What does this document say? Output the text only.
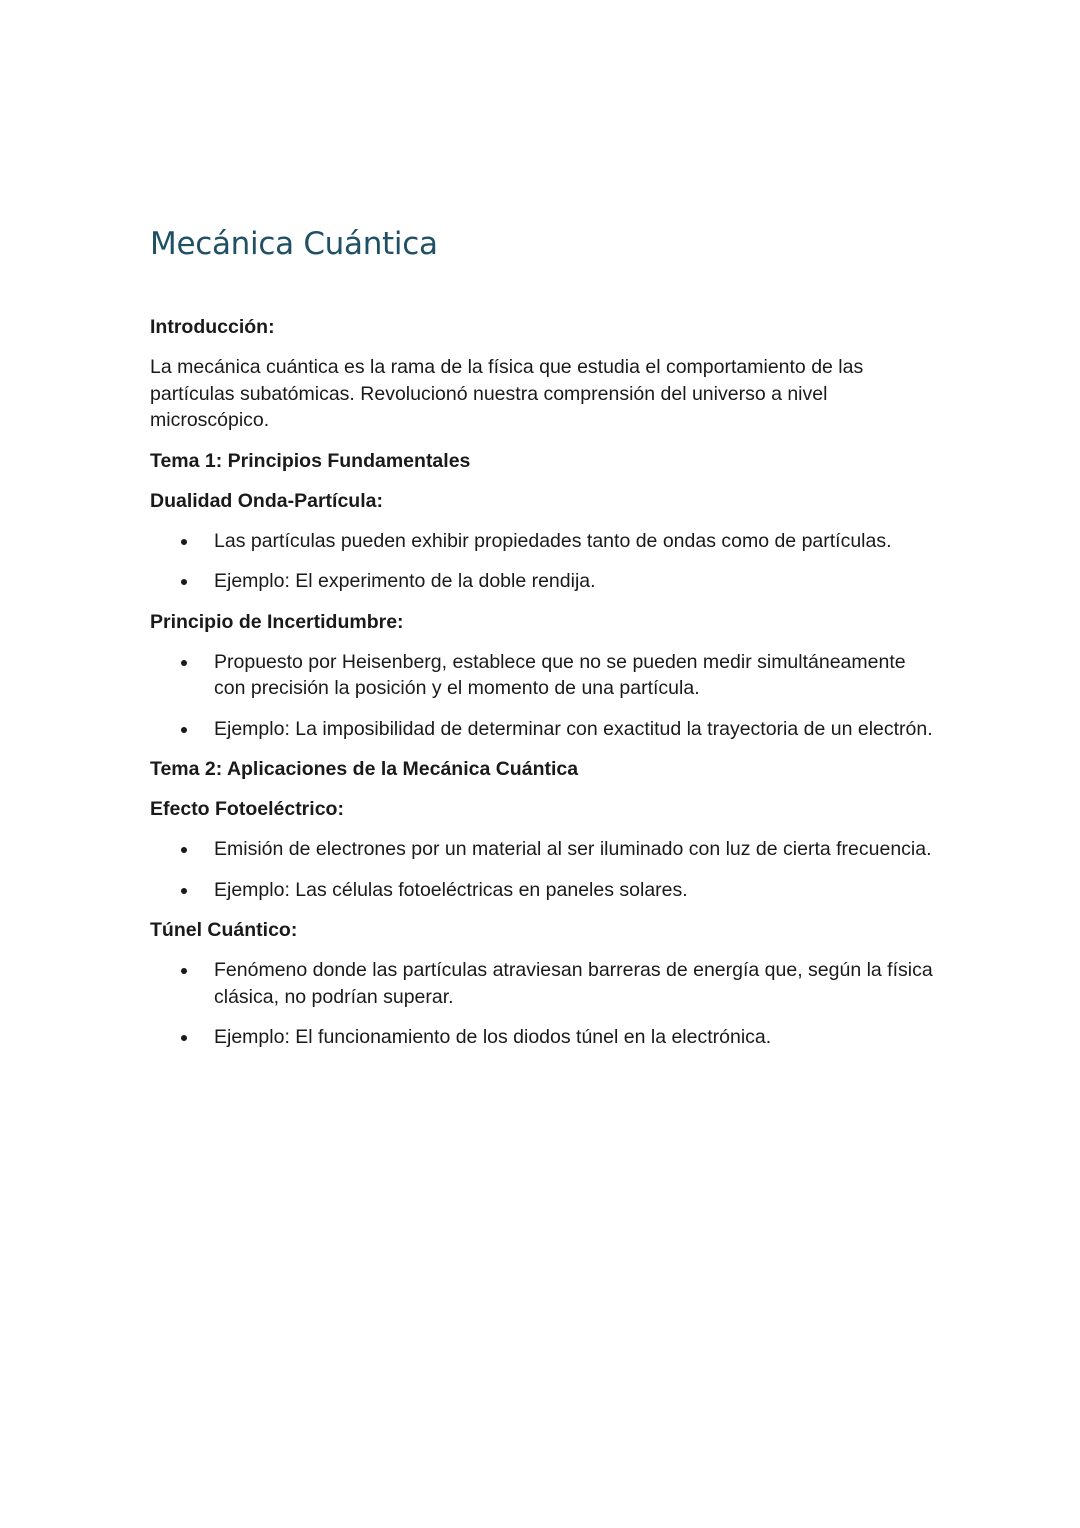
Mecánica Cuántica

Introducción:

La mecánica cuántica es la rama de la física que estudia el comportamiento de las partículas subatómicas. Revolucionó nuestra comprensión del universo a nivel microscópico.

Tema 1: Principios Fundamentales

Dualidad Onda-Partícula:

Las partículas pueden exhibir propiedades tanto de ondas como de partículas.
Ejemplo: El experimento de la doble rendija.

Principio de Incertidumbre:

Propuesto por Heisenberg, establece que no se pueden medir simultáneamente con precisión la posición y el momento de una partícula.
Ejemplo: La imposibilidad de determinar con exactitud la trayectoria de un electrón.

Tema 2: Aplicaciones de la Mecánica Cuántica

Efecto Fotoeléctrico:

Emisión de electrones por un material al ser iluminado con luz de cierta frecuencia.
Ejemplo: Las células fotoeléctricas en paneles solares.

Túnel Cuántico:

Fenómeno donde las partículas atraviesan barreras de energía que, según la física clásica, no podrían superar.
Ejemplo: El funcionamiento de los diodos túnel en la electrónica.
